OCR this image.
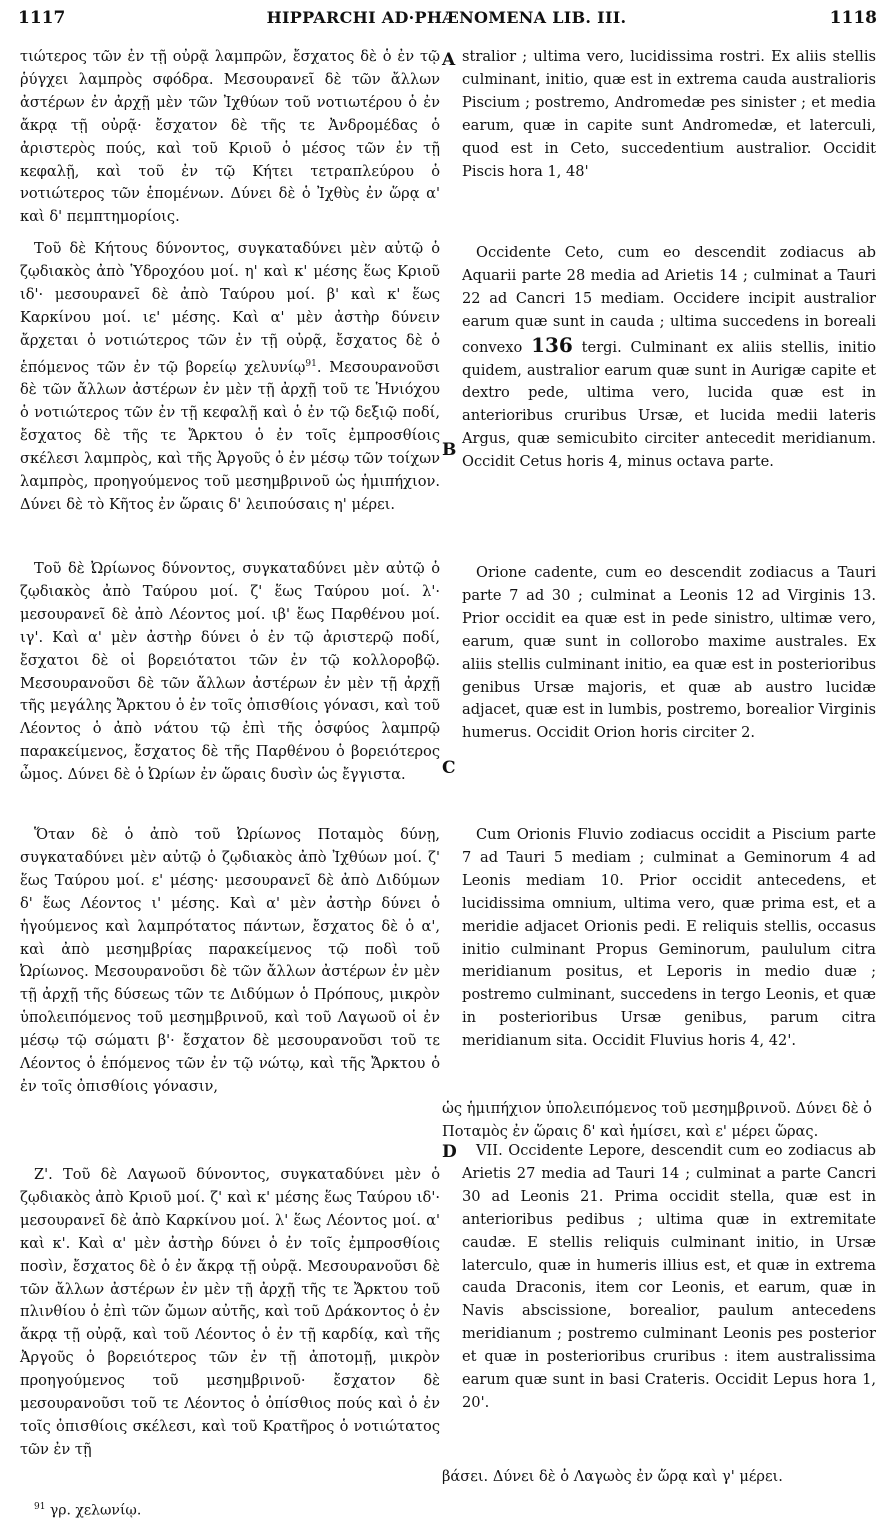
1117	HIPPARCHI AD·PHÆNOMENA LIB. III.	1118

τιώτερος τῶν ἐν τῇ οὐρᾷ λαμπρῶν, ἔσχατος δὲ ὁ ἐν τῷ ῥύγχει λαμπρὸς σφόδρα. Μεσουρανεῖ δὲ τῶν ἄλλων ἀστέρων ἐν ἀρχῇ μὲν τῶν Ἰχθύων τοῦ νοτιωτέρου ὁ ἐν ἄκρᾳ τῇ οὐρᾷ· ἔσχατον δὲ τῆς τε Ἀνδρομέδας ὁ ἀριστερὸς πούς, καὶ τοῦ Κριοῦ ὁ μέσος τῶν ἐν τῇ κεφαλῇ, καὶ τοῦ ἐν τῷ Κήτει τετραπλεύρου ὁ νοτιώτερος τῶν ἑπομένων. Δύνει δὲ ὁ Ἰχθὺς ἐν ὥρᾳ α' καὶ δ' πεμπτημορίοις.

Τοῦ δὲ Κήτους δύνοντος, συγκαταδύνει μὲν αὐτῷ ὁ ζῳδιακὸς ἀπὸ Ὑδροχόου μοί. η' καὶ κ' μέσης ἕως Κριοῦ ιδ'· μεσουρανεῖ δὲ ἀπὸ Ταύρου μοί. β' καὶ κ' ἕως Καρκίνου μοί. ιε' μέσης. Καὶ α' μὲν ἀστὴρ δύνειν ἄρχεται ὁ νοτιώτερος τῶν ἐν τῇ οὐρᾷ, ἔσχατος δὲ ὁ ἑπόμενος τῶν ἐν τῷ βορείῳ χελυνίῳ$^{91}$. Μεσουρανοῦσι δὲ τῶν ἄλλων ἀστέρων ἐν μὲν τῇ ἀρχῇ τοῦ τε Ἡνιόχου ὁ νοτιώτερος τῶν ἐν τῇ κεφαλῇ καὶ ὁ ἐν τῷ δεξιῷ ποδί, ἔσχατος δὲ τῆς τε Ἄρκτου ὁ ἐν τοῖς ἐμπροσθίοις σκέλεσι λαμπρὸς, καὶ τῆς Ἀργοῦς ὁ ἐν μέσῳ τῶν τοίχων λαμπρὸς, προηγούμενος τοῦ μεσημβρινοῦ ὡς ἡμιπήχιον. Δύνει δὲ τὸ Κῆτος ἐν ὥραις δ' λειπούσαις η' μέρει.

Τοῦ δὲ Ὠρίωνος δύνοντος, συγκαταδύνει μὲν αὐτῷ ὁ ζῳδιακὸς ἀπὸ Ταύρου μοί. ζ' ἕως Ταύρου μοί. λ'· μεσουρανεῖ δὲ ἀπὸ Λέοντος μοί. ιβ' ἕως Παρθένου μοί. ιγ'. Καὶ α' μὲν ἀστὴρ δύνει ὁ ἐν τῷ ἀριστερῷ ποδί, ἔσχατοι δὲ οἱ βορειότατοι τῶν ἐν τῷ κολλοροβῷ. Μεσουρανοῦσι δὲ τῶν ἄλλων ἀστέρων ἐν μὲν τῇ ἀρχῇ τῆς μεγάλης Ἄρκτου ὁ ἐν τοῖς ὀπισθίοις γόνασι, καὶ τοῦ Λέοντος ὁ ἀπὸ νάτου τῷ ἐπὶ τῆς ὀσφύος λαμπρῷ παρακείμενος, ἔσχατος δὲ τῆς Παρθένου ὁ βορειότερος ὦμος. Δύνει δὲ ὁ Ὠρίων ἐν ὥραις δυσὶν ὡς ἔγγιστα.

Ὅταν δὲ ὁ ἀπὸ τοῦ Ὠρίωνος Ποταμὸς δύνῃ, συγκαταδύνει μὲν αὐτῷ ὁ ζῳδιακὸς ἀπὸ Ἰχθύων μοί. ζ' ἕως Ταύρου μοί. ε' μέσης· μεσουρανεῖ δὲ ἀπὸ Διδύμων δ' ἕως Λέοντος ι' μέσης. Καὶ α' μὲν ἀστὴρ δύνει ὁ ἡγούμενος καὶ λαμπρότατος πάντων, ἔσχατος δὲ ὁ α', καὶ ἀπὸ μεσημβρίας παρακείμενος τῷ ποδὶ τοῦ Ὠρίωνος. Μεσουρανοῦσι δὲ τῶν ἄλλων ἀστέρων ἐν μὲν τῇ ἀρχῇ τῆς δύσεως τῶν τε Διδύμων ὁ Πρόπους, μικρὸν ὑπολειπόμενος τοῦ μεσημβρινοῦ, καὶ τοῦ Λαγωοῦ οἱ ἐν μέσῳ τῷ σώματι β'· ἔσχατον δὲ μεσουρανοῦσι τοῦ τε Λέοντος ὁ ἑπόμενος τῶν ἐν τῷ νώτῳ, καὶ τῆς Ἄρκτου ὁ ἐν τοῖς ὀπισθίοις γόνασιν,

Ζ'. Τοῦ δὲ Λαγωοῦ δύνοντος, συγκαταδύνει μὲν ὁ ζῳδιακὸς ἀπὸ Κριοῦ μοί. ζ' καὶ κ' μέσης ἕως Ταύρου ιδ'· μεσουρανεῖ δὲ ἀπὸ Καρκίνου μοί. λ' ἕως Λέοντος μοί. α' καὶ κ'. Καὶ α' μὲν ἀστὴρ δύνει ὁ ἐν τοῖς ἐμπροσθίοις ποσὶν, ἔσχατος δὲ ὁ ἐν ἄκρᾳ τῇ οὐρᾷ. Μεσουρανοῦσι δὲ τῶν ἄλλων ἀστέρων ἐν μὲν τῇ ἀρχῇ τῆς τε Ἄρκτου τοῦ πλινθίου ὁ ἐπὶ τῶν ὤμων αὐτῆς, καὶ τοῦ Δράκοντος ὁ ἐν ἄκρᾳ τῇ οὐρᾷ, καὶ τοῦ Λέοντος ὁ ἐν τῇ καρδίᾳ, καὶ τῆς Ἀργοῦς ὁ βορειότερος τῶν ἐν τῇ ἀποτομῇ, μικρὸν προηγούμενος τοῦ μεσημβρινοῦ· ἔσχατον δὲ μεσουρανοῦσι τοῦ τε Λέοντος ὁ ὀπίσθιος πούς καὶ ὁ ἐν τοῖς ὀπισθίοις σκέλεσι, καὶ τοῦ Κρατῆρος ὁ νοτιώτατος τῶν ἐν τῇ

ὡς ἡμιπήχιον ὑπολειπόμενος τοῦ μεσημβρινοῦ. Δύνει δὲ ὁ Ποταμὸς ἐν ὥραις δ' καὶ ἡμίσει, καὶ ε' μέρει ὥρας.
βάσει. Δύνει δὲ ὁ Λαγωὸς ἐν ὥρᾳ καὶ γ' μέρει.
A
B
C
D

stralior ; ultima vero, lucidissima rostri. Ex aliis stellis culminant, initio, quæ est in extrema cauda australioris Piscium ; postremo, Andromedæ pes sinister ; et media earum, quæ in capite sunt Andromedæ, et laterculi, quod est in Ceto, succedentium australior. Occidit Piscis hora 1, 48'

Occidente Ceto, cum eo descendit zodiacus ab Aquarii parte 28 media ad Arietis 14 ; culminat a Tauri 22 ad Cancri 15 mediam. Occidere incipit australior earum quæ sunt in cauda ; ultima succedens in boreali convexo 136 tergi. Culminant ex aliis stellis, initio quidem, australior earum quæ sunt in Aurigæ capite et dextro pede, ultima vero, lucida quæ est in anterioribus cruribus Ursæ, et lucida medii lateris Argus, quæ semicubito circiter antecedit meridianum. Occidit Cetus horis 4, minus octava parte.

Orione cadente, cum eo descendit zodiacus a Tauri parte 7 ad 30 ; culminat a Leonis 12 ad Virginis 13. Prior occidit ea quæ est in pede sinistro, ultimæ vero, earum, quæ sunt in collorobo maxime australes. Ex aliis stellis culminant initio, ea quæ est in posterioribus genibus Ursæ majoris, et quæ ab austro lucidæ adjacet, quæ est in lumbis, postremo, borealior Virginis humerus. Occidit Orion horis circiter 2.

Cum Orionis Fluvio zodiacus occidit a Piscium parte 7 ad Tauri 5 mediam ; culminat a Geminorum 4 ad Leonis mediam 10. Prior occidit antecedens, et lucidissima omnium, ultima vero, quæ prima est, et a meridie adjacet Orionis pedi. E reliquis stellis, occasus initio culminant Propus Geminorum, paululum citra meridianum positus, et Leporis in medio duæ ; postremo culminant, succedens in tergo Leonis, et quæ in posterioribus Ursæ genibus, parum citra meridianum sita. Occidit Fluvius horis 4, 42'.

VII. Occidente Lepore, descendit cum eo zodiacus ab Arietis 27 media ad Tauri 14 ; culminat a parte Cancri 30 ad Leonis 21. Prima occidit stella, quæ est in anterioribus pedibus ; ultima quæ in extremitate caudæ. E stellis reliquis culminant initio, in Ursæ laterculo, quæ in humeris illius est, et quæ in extrema cauda Draconis, item cor Leonis, et earum, quæ in Navis abscissione, borealior, paulum antecedens meridianum ; postremo culminant Leonis pes posterior et quæ in posterioribus cruribus : item australissima earum quæ sunt in basi Crateris. Occidit Lepus hora 1, 20'.

$^{91}$ γρ. χελωνίῳ.
